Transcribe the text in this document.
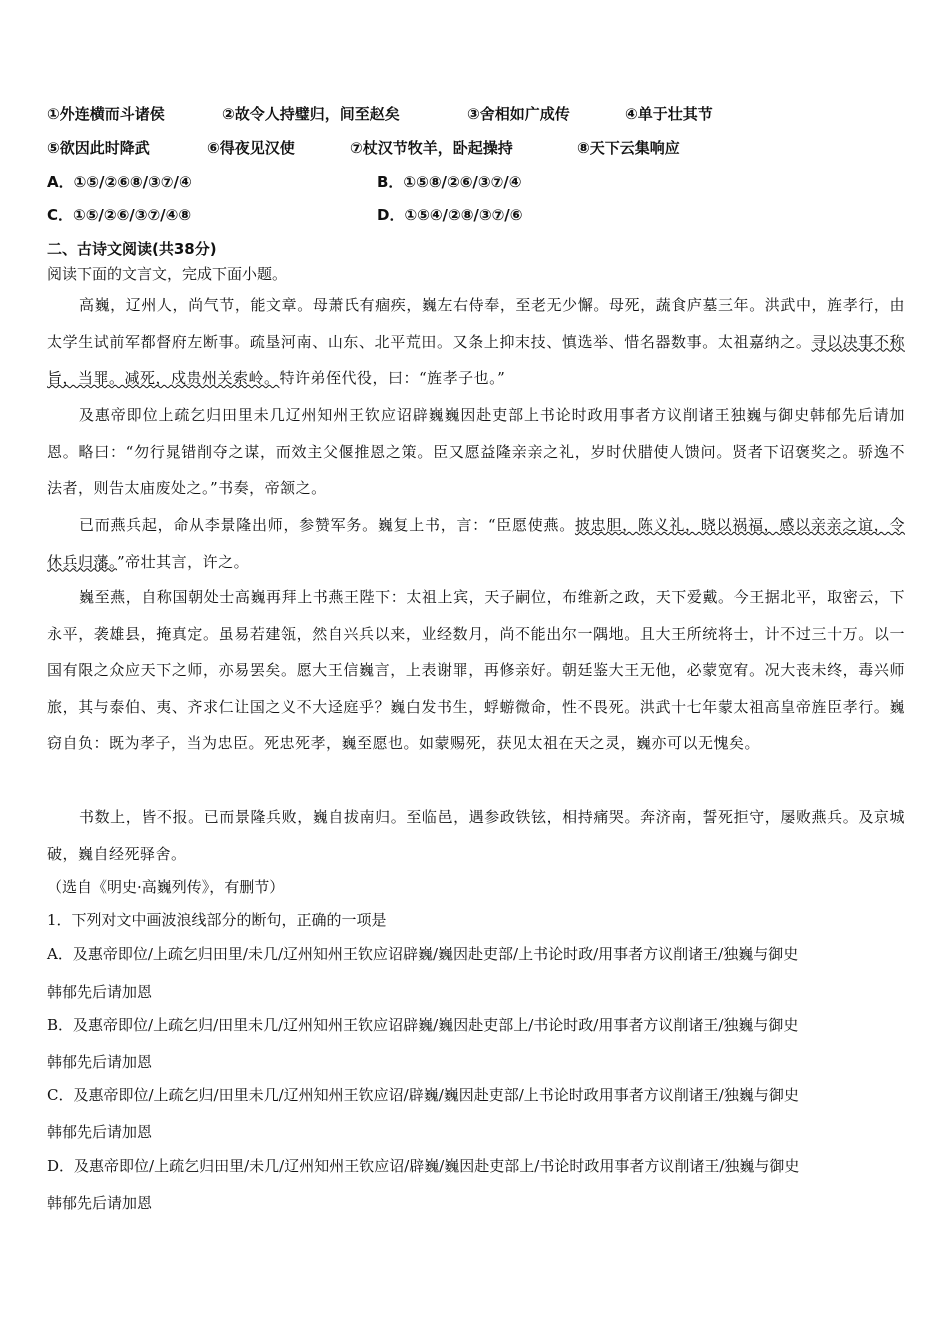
①外连横而斗诸侯	②故令人持璧归，间至赵矣	③舍相如广成传	④单于壮其节
⑤欲因此时降武	⑥得夜见汉使	⑦杖汉节牧羊，卧起操持	⑧天下云集响应
A．①⑤/②⑥⑧/③⑦/④	B．①⑤⑧/②⑥/③⑦/④
C．①⑤/②⑥/③⑦/④⑧	D．①⑤④/②⑧/③⑦/⑥
二、古诗文阅读(共38分)
阅读下面的文言文，完成下面小题。
高巍，辽州人，尚气节，能文章。母萧氏有痼疾，巍左右侍奉，至老无少懈。母死，蔬食庐墓三年。洪武中，旌孝行，由太学生试前军都督府左断事。疏垦河南、山东、北平荒田。又条上抑末技、慎选举、惜名器数事。太祖嘉纳之。寻以决事不称旨，当罪。减死，戍贵州关索岭。特许弟侄代役，曰：“旌孝子也。”
及惠帝即位上疏乞归田里未几辽州知州王钦应诏辟巍巍因赴吏部上书论时政用事者方议削诸王独巍与御史韩郁先后请加恩。略曰：“勿行晁错削夺之谋，而效主父偃推恩之策。臣又愿益隆亲亲之礼，岁时伏腊使人馈问。贤者下诏褒奖之。骄逸不法者，则告太庙废处之。”书奏，帝颔之。
已而燕兵起，命从李景隆出师，参赞军务。巍复上书，言：“臣愿使燕。披忠胆，陈义礼，晓以祸福，感以亲亲之谊，令休兵归藩。”帝壮其言，许之。
巍至燕，自称国朝处士高巍再拜上书燕王陛下：太祖上宾，天子嗣位，布维新之政，天下爱戴。今王据北平，取密云，下永平，袭雄县，掩真定。虽易若建瓴，然自兴兵以来，业经数月，尚不能出尔一隅地。且大王所统将士，计不过三十万。以一国有限之众应天下之师，亦易罢矣。愿大王信巍言，上表谢罪，再修亲好。朝廷鉴大王无他，必蒙宽宥。况大丧未终，毒兴师旅，其与泰伯、夷、齐求仁让国之义不大迳庭乎？巍白发书生，蜉蝣微命，性不畏死。洪武十七年蒙太祖高皇帝旌臣孝行。巍窃自负：既为孝子，当为忠臣。死忠死孝，巍至愿也。如蒙赐死，获见太祖在天之灵，巍亦可以无愧矣。
书数上，皆不报。已而景隆兵败，巍自拔南归。至临邑，遇参政铁铉，相持痛哭。奔济南，誓死拒守，屡败燕兵。及京城破，巍自经死驿舍。
（选自《明史·高巍列传》，有删节）
1．下列对文中画波浪线部分的断句，正确的一项是
A．及惠帝即位/上疏乞归田里/未几/辽州知州王钦应诏辟巍/巍因赴吏部/上书论时政/用事者方议削诸王/独巍与御史
韩郁先后请加恩
B．及惠帝即位/上疏乞归/田里未几/辽州知州王钦应诏辟巍/巍因赴吏部上/书论时政/用事者方议削诸王/独巍与御史
韩郁先后请加恩
C．及惠帝即位/上疏乞归/田里未几/辽州知州王钦应诏/辟巍/巍因赴吏部/上书论时政用事者方议削诸王/独巍与御史
韩郁先后请加恩
D．及惠帝即位/上疏乞归田里/未几/辽州知州王钦应诏/辟巍/巍因赴吏部上/书论时政用事者方议削诸王/独巍与御史
韩郁先后请加恩
